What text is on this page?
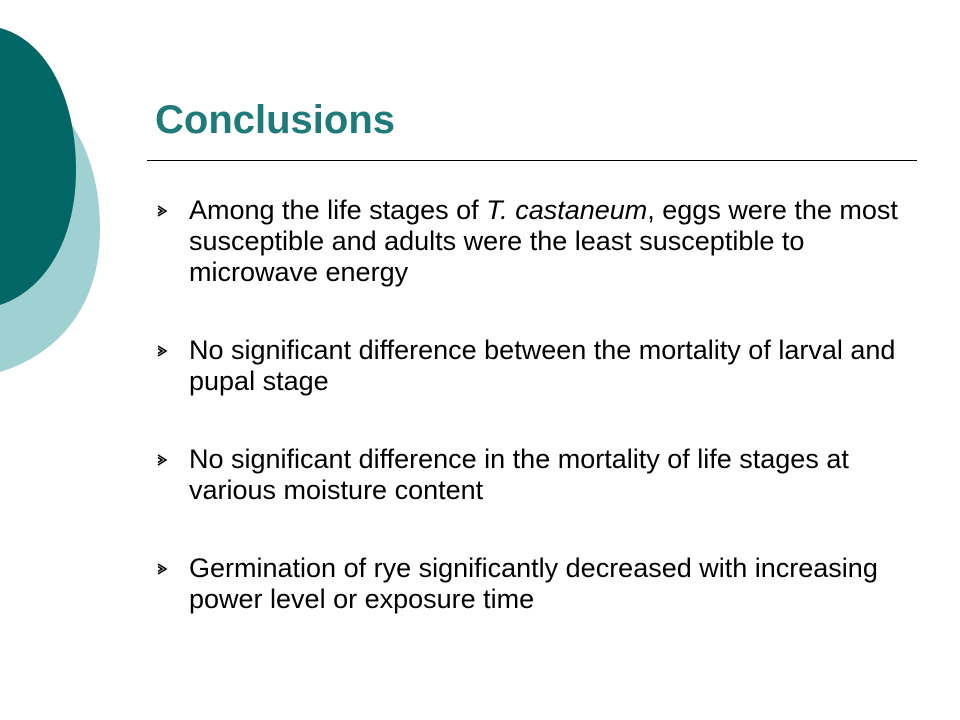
Conclusions
Among the life stages of T. castaneum, eggs were the most susceptible and adults were the least susceptible to microwave energy
No significant difference between the mortality of larval and pupal stage
No significant difference in the mortality of life stages at various moisture content
Germination of rye significantly decreased with increasing power level or exposure time
